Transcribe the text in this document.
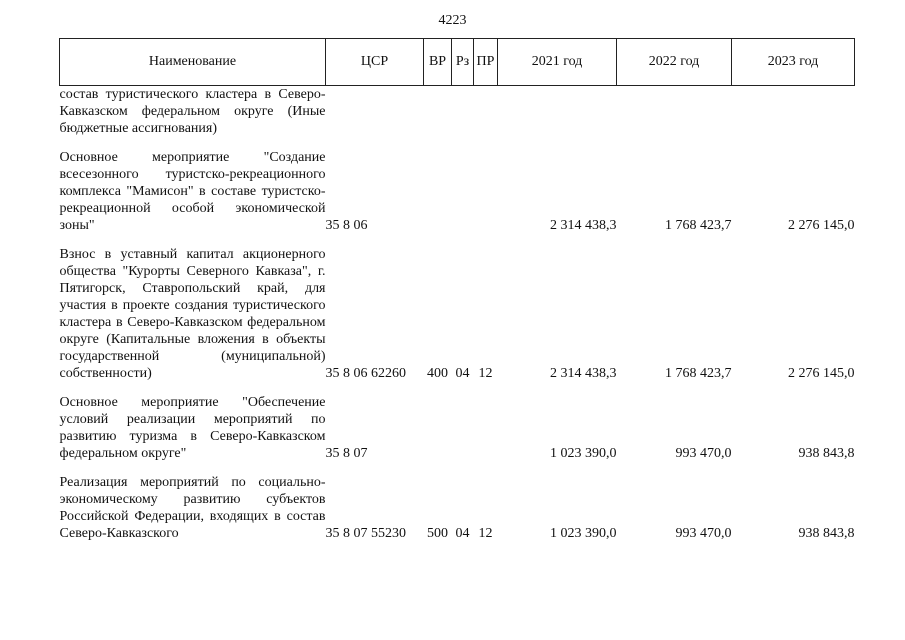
4223
Наименование	ЦСР	ВР	Рз	ПР	2021 год	2022 год	2023 год
состав туристического кластера в Северо-Кавказском федеральном округе (Иные бюджетные ассигнования)							

Основное мероприятие "Создание всесезонного туристско-рекреационного комплекса "Мамисон" в составе туристско-рекреационной особой экономической зоны"	35 8 06				2 314 438,3	1 768 423,7	2 276 145,0

Взнос в уставный капитал акционерного общества "Курорты Северного Кавказа", г. Пятигорск, Ставропольский край, для участия в проекте создания туристического кластера в Северо-Кавказском федеральном округе (Капитальные вложения в объекты государственной (муниципальной) собственности)	35 8 06 62260	400	04	12	2 314 438,3	1 768 423,7	2 276 145,0

Основное мероприятие "Обеспечение условий реализации мероприятий по развитию туризма в Северо-Кавказском федеральном округе"	35 8 07				1 023 390,0	993 470,0	938 843,8

Реализация мероприятий по социально-экономическому развитию субъектов Российской Федерации, входящих в состав Северо-Кавказского	35 8 07 55230	500	04	12	1 023 390,0	993 470,0	938 843,8
